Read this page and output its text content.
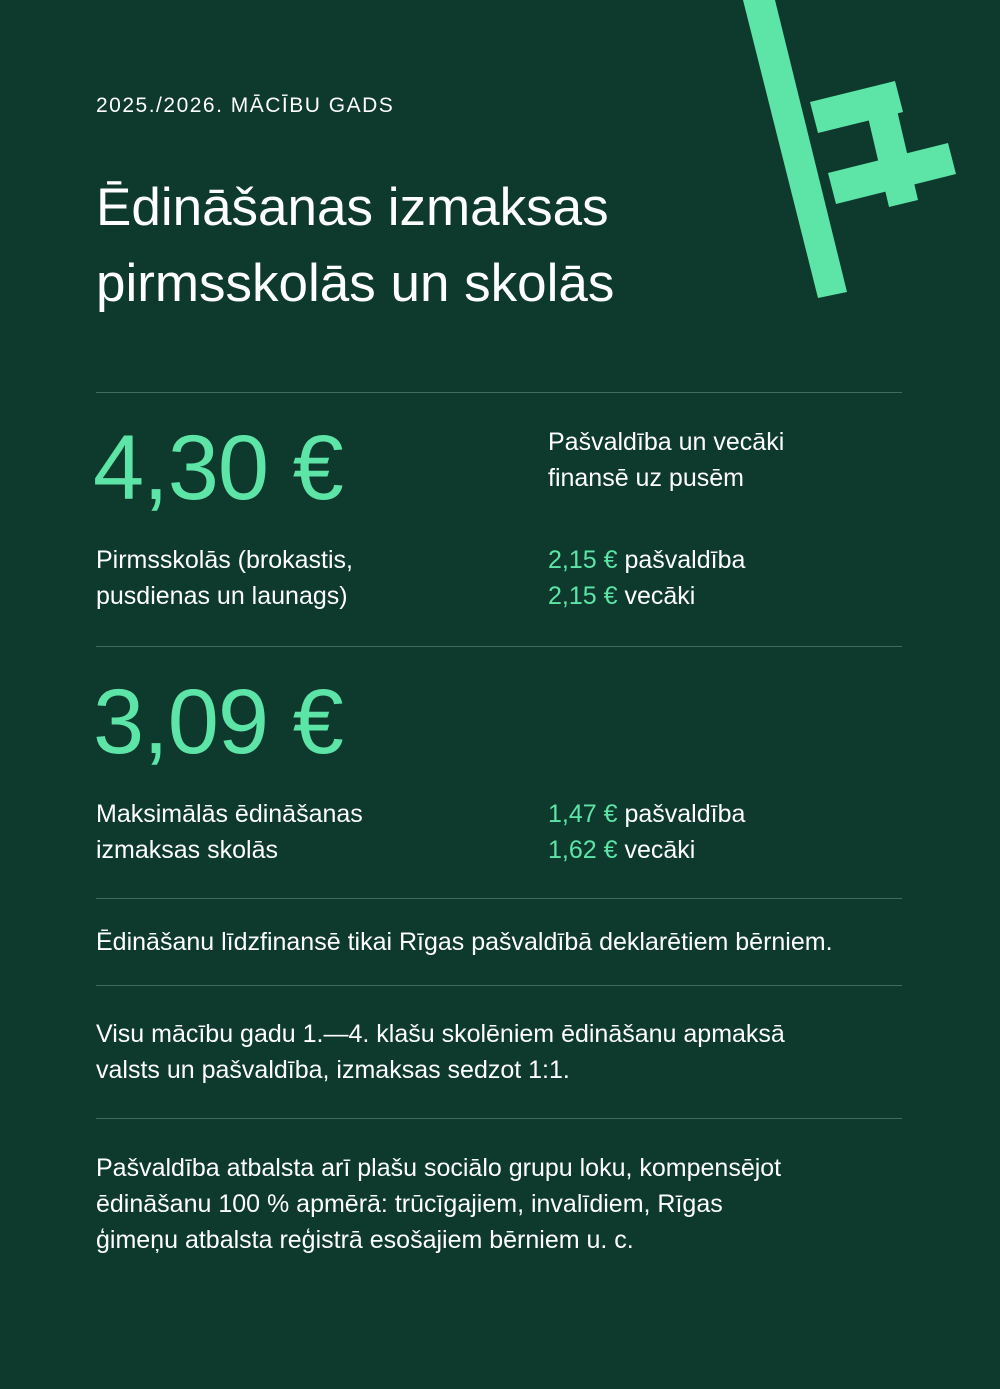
2025./2026. MĀCĪBU GADS
Ēdināšanas izmaksas
pirmsskolās un skolās
4,30 €	Pašvaldība un vecāki
finansē uz pusēm
Pirmsskolās (brokastis,
pusdienas un launags)
2,15 € pašvaldība
2,15 € vecāki
3,09 €
Maksimālās ēdināšanas
izmaksas skolās
1,47 € pašvaldība
1,62 € vecāki
Ēdināšanu līdzfinansē tikai Rīgas pašvaldībā deklarētiem bērniem.
Visu mācību gadu 1.—4. klašu skolēniem ēdināšanu apmaksā
valsts un pašvaldība, izmaksas sedzot 1:1.
Pašvaldība atbalsta arī plašu sociālo grupu loku, kompensējot
ēdināšanu 100 % apmērā: trūcīgajiem, invalīdiem, Rīgas
ģimeņu atbalsta reģistrā esošajiem bērniem u. c.
